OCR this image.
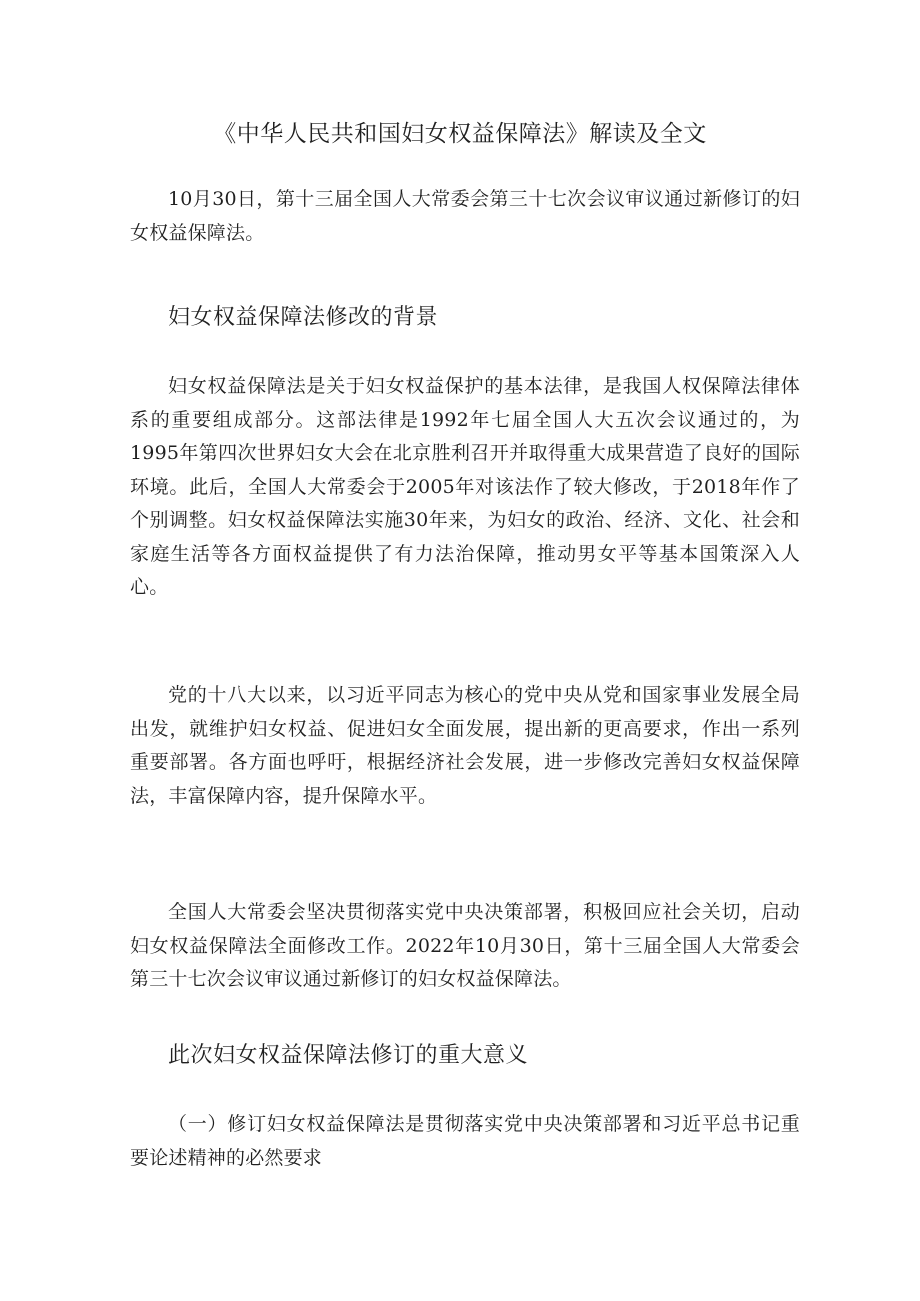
《中华人民共和国妇女权益保障法》解读及全文

10月30日，第十三届全国人大常委会第三十七次会议审议通过新修订的妇女权益保障法。

妇女权益保障法修改的背景

妇女权益保障法是关于妇女权益保护的基本法律，是我国人权保障法律体系的重要组成部分。这部法律是1992年七届全国人大五次会议通过的，为1995年第四次世界妇女大会在北京胜利召开并取得重大成果营造了良好的国际环境。此后，全国人大常委会于2005年对该法作了较大修改，于2018年作了个别调整。妇女权益保障法实施30年来，为妇女的政治、经济、文化、社会和家庭生活等各方面权益提供了有力法治保障，推动男女平等基本国策深入人心。

党的十八大以来，以习近平同志为核心的党中央从党和国家事业发展全局出发，就维护妇女权益、促进妇女全面发展，提出新的更高要求，作出一系列重要部署。各方面也呼吁，根据经济社会发展，进一步修改完善妇女权益保障法，丰富保障内容，提升保障水平。

全国人大常委会坚决贯彻落实党中央决策部署，积极回应社会关切，启动妇女权益保障法全面修改工作。2022年10月30日，第十三届全国人大常委会第三十七次会议审议通过新修订的妇女权益保障法。

此次妇女权益保障法修订的重大意义

（一）修订妇女权益保障法是贯彻落实党中央决策部署和习近平总书记重要论述精神的必然要求
